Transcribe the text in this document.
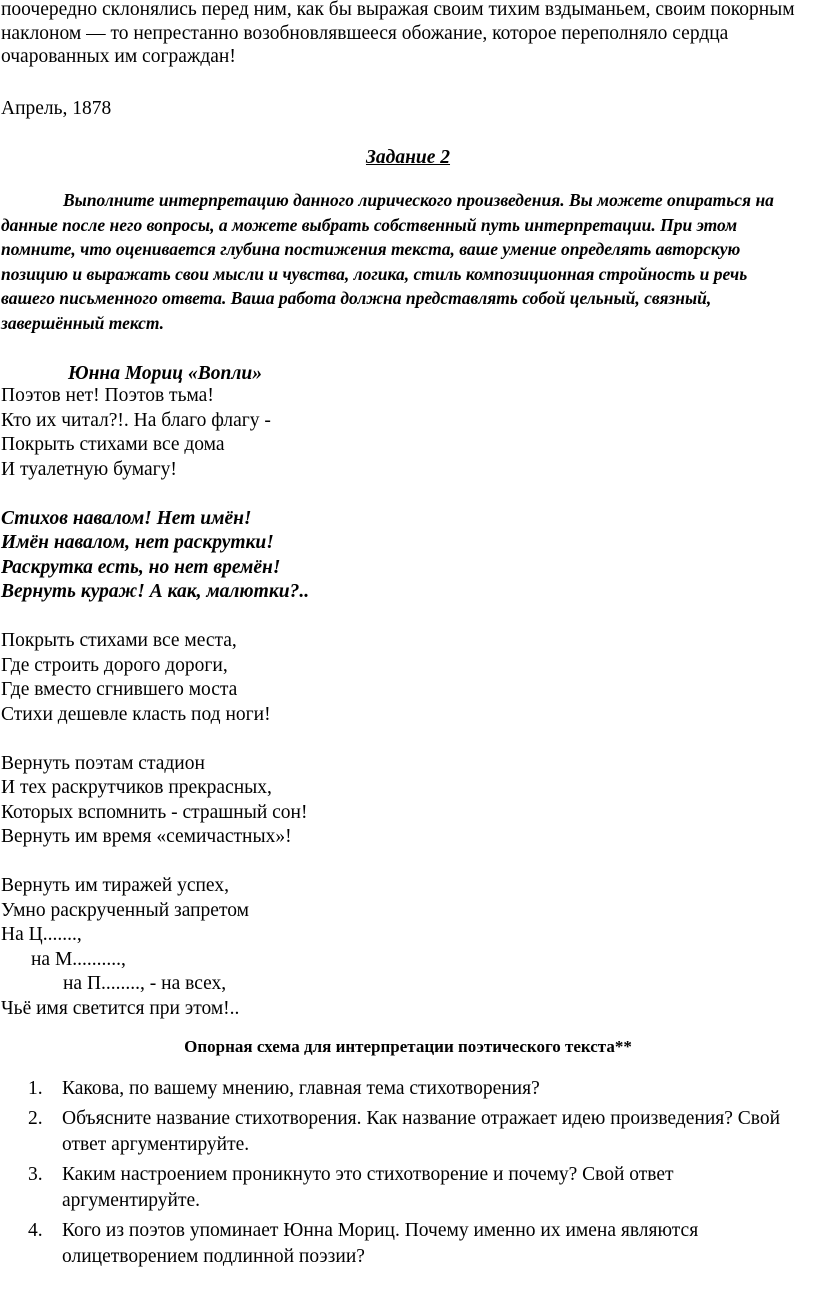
поочередно склонялись перед ним, как бы выражая своим тихим вздыманьем, своим покорным наклоном — то непрестанно возобновлявшееся обожание, которое переполняло сердца очарованных им сограждан!

Апрель, 1878
Задание 2

Выполните интерпретацию данного лирического произведения. Вы можете опираться на данные после него вопросы, а можете выбрать собственный путь интерпретации. При этом помните, что оценивается глубина постижения текста, ваше умение определять авторскую позицию и выражать свои мысли и чувства, логика, стиль композиционная стройность и речь вашего письменного ответа. Ваша работа должна представлять собой цельный, связный, завершённый текст.

Юнна Мориц «Вопли»
Поэтов нет! Поэтов тьма!
Кто их читал?!. На благо флагу -
Покрыть стихами все дома
И туалетную бумагу!
Стихов навалом! Нет имён!
Имён навалом, нет раскрутки!
Раскрутка есть, но нет времён!
Вернуть кураж! А как, малютки?..
Покрыть стихами все места,
Где строить дорого дороги,
Где вместо сгнившего моста
Стихи дешевле класть под ноги!
Вернуть поэтам стадион
И тех раскрутчиков прекрасных,
Которых вспомнить - страшный сон!
Вернуть им время «семичастных»!
Вернуть им тиражей успех,
Умно раскрученный запретом
На Ц.......,
на М..........,
на П........, - на всех,
Чьё имя светится при этом!..
Опорная схема для интерпретации поэтического текста**
1. Какова, по вашему мнению, главная тема стихотворения?
2. Объясните название стихотворения. Как название отражает идею произведения? Свой ответ аргументируйте.
3. Каким настроением проникнуто это стихотворение и почему? Свой ответ аргументируйте.
4. Кого из поэтов упоминает Юнна Мориц. Почему именно их имена являются олицетворением подлинной поэзии?
